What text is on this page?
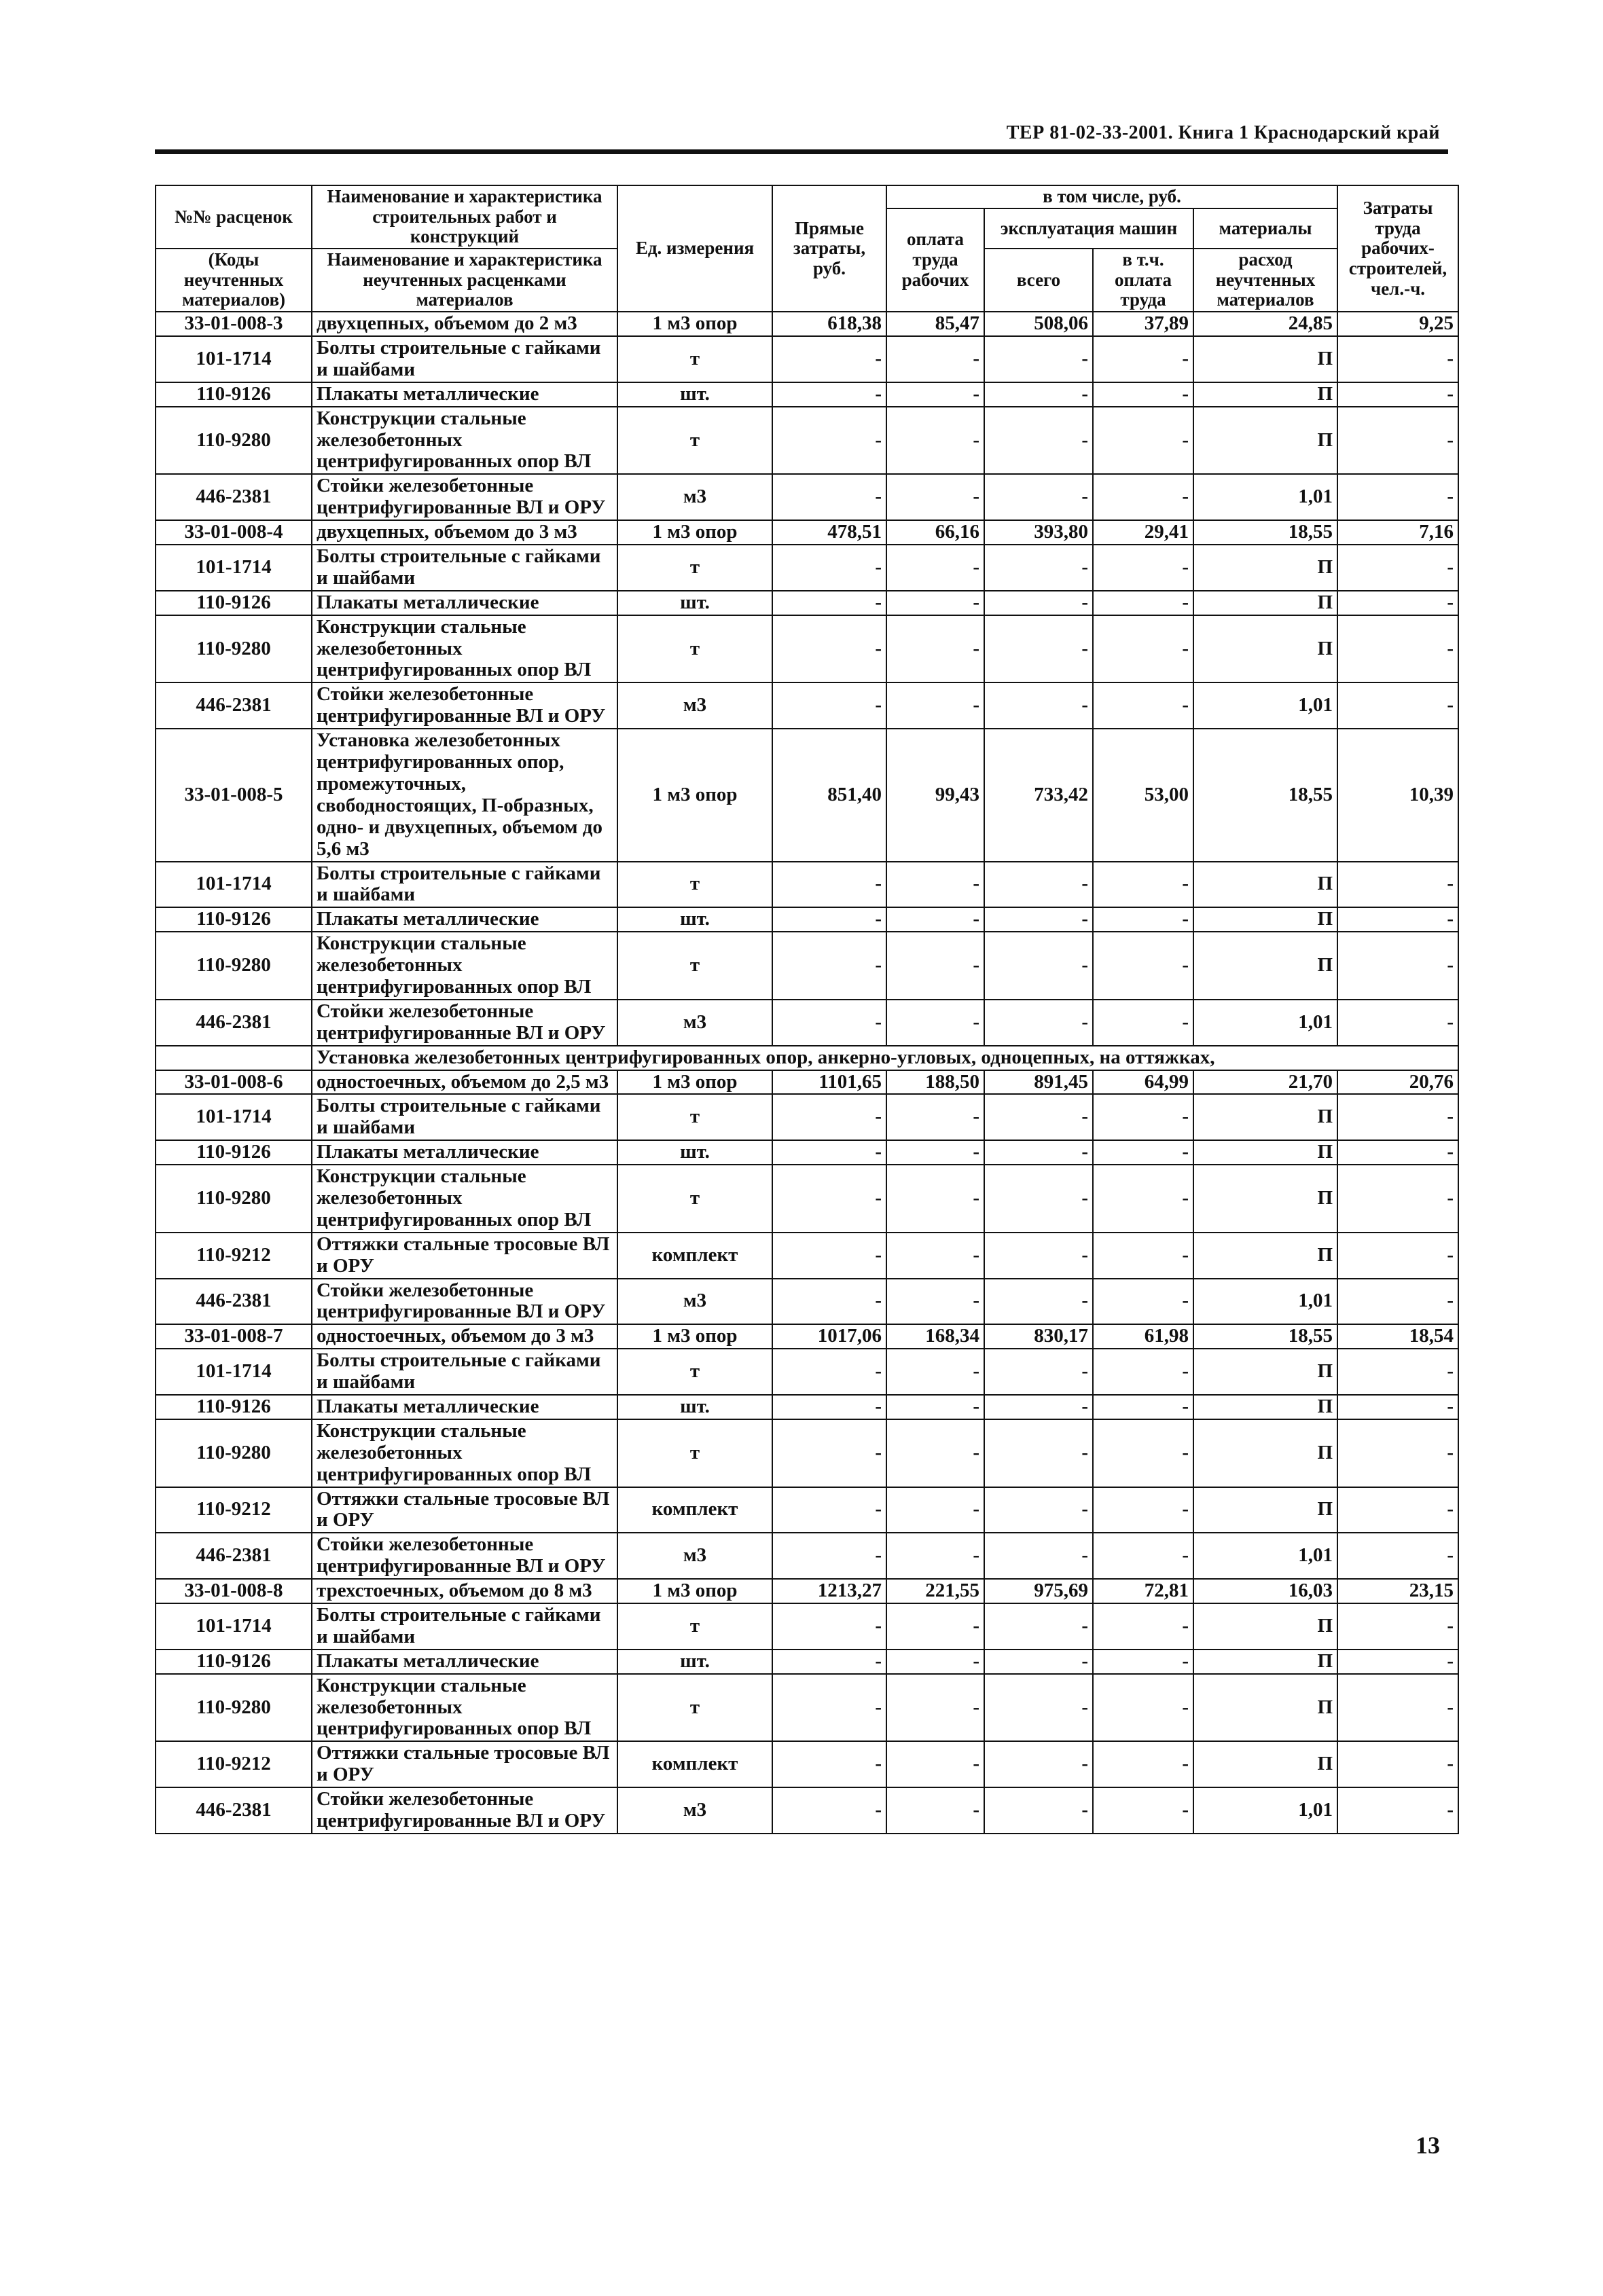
ТЕР 81-02-33-2001. Книга 1 Краснодарский край
№№ расценок	Наименование и характеристика строительных работ и конструкций	Ед. измерения	Прямые затраты, руб.	в том числе, руб.				Затраты труда рабочих-строителей, чел.-ч.
				оплата труда рабочих	эксплуатация машин		материалы	
(Коды неучтенных материалов)	Наименование и характеристика неучтенных расценками материалов				всего	в т.ч. оплата труда		
							расход неучтенных материалов	
33-01-008-3	двухцепных, объемом до 2 м3	1 м3 опор	618,38	85,47	508,06	37,89	24,85	9,25
101-1714	Болты строительные с гайками и шайбами	т	-	-	-	-	П	-
110-9126	Плакаты металлические	шт.	-	-	-	-	П	-
110-9280	Конструкции стальные железобетонных центрифугированных опор ВЛ	т	-	-	-	-	П	-
446-2381	Стойки железобетонные центрифугированные ВЛ и ОРУ	м3	-	-	-	-	1,01	-
33-01-008-4	двухцепных, объемом до 3 м3	1 м3 опор	478,51	66,16	393,80	29,41	18,55	7,16
101-1714	Болты строительные с гайками и шайбами	т	-	-	-	-	П	-
110-9126	Плакаты металлические	шт.	-	-	-	-	П	-
110-9280	Конструкции стальные железобетонных центрифугированных опор ВЛ	т	-	-	-	-	П	-
446-2381	Стойки железобетонные центрифугированные ВЛ и ОРУ	м3	-	-	-	-	1,01	-
33-01-008-5	Установка железобетонных центрифугированных опор, промежуточных, свободностоящих, П-образных, одно- и двухцепных, объемом до 5,6 м3	1 м3 опор	851,40	99,43	733,42	53,00	18,55	10,39
101-1714	Болты строительные с гайками и шайбами	т	-	-	-	-	П	-
110-9126	Плакаты металлические	шт.	-	-	-	-	П	-
110-9280	Конструкции стальные железобетонных центрифугированных опор ВЛ	т	-	-	-	-	П	-
446-2381	Стойки железобетонные центрифугированные ВЛ и ОРУ	м3	-	-	-	-	1,01	-
	Установка железобетонных центрифугированных опор, анкерно-угловых, одноцепных, на оттяжках,							
33-01-008-6	одностоечных, объемом до 2,5 м3	1 м3 опор	1101,65	188,50	891,45	64,99	21,70	20,76
101-1714	Болты строительные с гайками и шайбами	т	-	-	-	-	П	-
110-9126	Плакаты металлические	шт.	-	-	-	-	П	-
110-9280	Конструкции стальные железобетонных центрифугированных опор ВЛ	т	-	-	-	-	П	-
110-9212	Оттяжки стальные тросовые ВЛ и ОРУ	комплект	-	-	-	-	П	-
446-2381	Стойки железобетонные центрифугированные ВЛ и ОРУ	м3	-	-	-	-	1,01	-
33-01-008-7	одностоечных, объемом до 3 м3	1 м3 опор	1017,06	168,34	830,17	61,98	18,55	18,54
101-1714	Болты строительные с гайками и шайбами	т	-	-	-	-	П	-
110-9126	Плакаты металлические	шт.	-	-	-	-	П	-
110-9280	Конструкции стальные железобетонных центрифугированных опор ВЛ	т	-	-	-	-	П	-
110-9212	Оттяжки стальные тросовые ВЛ и ОРУ	комплект	-	-	-	-	П	-
446-2381	Стойки железобетонные центрифугированные ВЛ и ОРУ	м3	-	-	-	-	1,01	-
33-01-008-8	трехстоечных, объемом до 8 м3	1 м3 опор	1213,27	221,55	975,69	72,81	16,03	23,15
101-1714	Болты строительные с гайками и шайбами	т	-	-	-	-	П	-
110-9126	Плакаты металлические	шт.	-	-	-	-	П	-
110-9280	Конструкции стальные железобетонных центрифугированных опор ВЛ	т	-	-	-	-	П	-
110-9212	Оттяжки стальные тросовые ВЛ и ОРУ	комплект	-	-	-	-	П	-
446-2381	Стойки железобетонные центрифугированные ВЛ и ОРУ	м3	-	-	-	-	1,01	-
13
